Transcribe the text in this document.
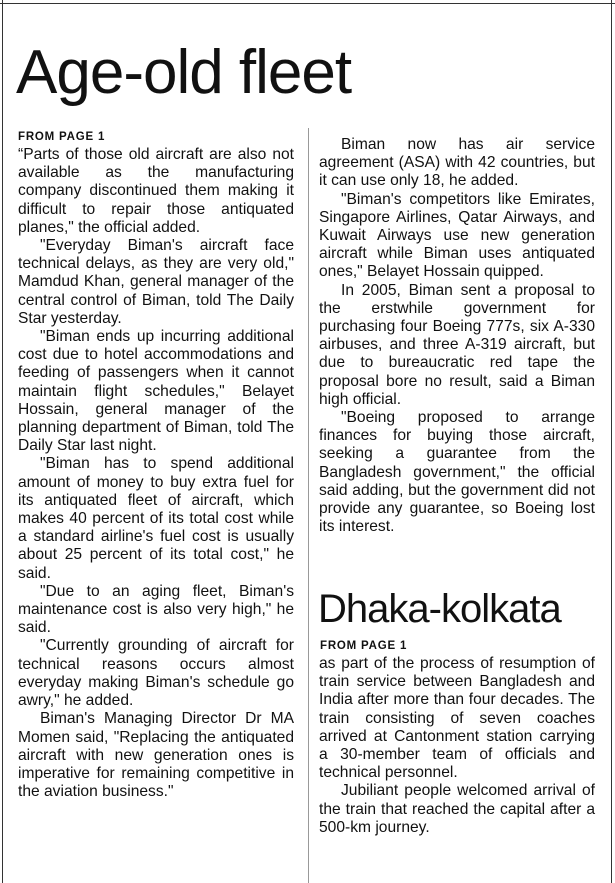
Age-old fleet
FROM PAGE 1

“Parts of those old aircraft are also not available as the manufacturing company discontinued them making it difficult to repair those antiquated planes," the official added.

"Everyday Biman's aircraft face technical delays, as they are very old," Mamdud Khan, general manager of the central control of Biman, told The Daily Star yesterday.

"Biman ends up incurring additional cost due to hotel accommodations and feeding of passengers when it cannot maintain flight schedules," Belayet Hossain, general manager of the planning department of Biman, told The Daily Star last night.

"Biman has to spend additional amount of money to buy extra fuel for its antiquated fleet of aircraft, which makes 40 percent of its total cost while a standard airline's fuel cost is usually about 25 percent of its total cost," he said.

"Due to an aging fleet, Biman's maintenance cost is also very high," he said.

"Currently grounding of aircraft for technical reasons occurs almost everyday making Biman's schedule go awry," he added.

Biman's Managing Director Dr MA Momen said, "Replacing the antiquated aircraft with new generation ones is imperative for remaining competitive in the aviation business."

Biman now has air service agreement (ASA) with 42 countries, but it can use only 18, he added.

"Biman's competitors like Emirates, Singapore Airlines, Qatar Airways, and Kuwait Airways use new generation aircraft while Biman uses antiquated ones," Belayet Hossain quipped.

In 2005, Biman sent a proposal to the erstwhile government for purchasing four Boeing 777s, six A-330 airbuses, and three A-319 aircraft, but due to bureaucratic red tape the proposal bore no result, said a Biman high official.

"Boeing proposed to arrange finances for buying those aircraft, seeking a guarantee from the Bangladesh government," the official said adding, but the government did not provide any guarantee, so Boeing lost its interest.

Dhaka-kolkata
FROM PAGE 1

as part of the process of resumption of train service between Bangladesh and India after more than four decades. The train consisting of seven coaches arrived at Cantonment station carrying a 30-member team of officials and technical personnel.

Jubiliant people welcomed arrival of the train that reached the capital after a 500-km journey.
